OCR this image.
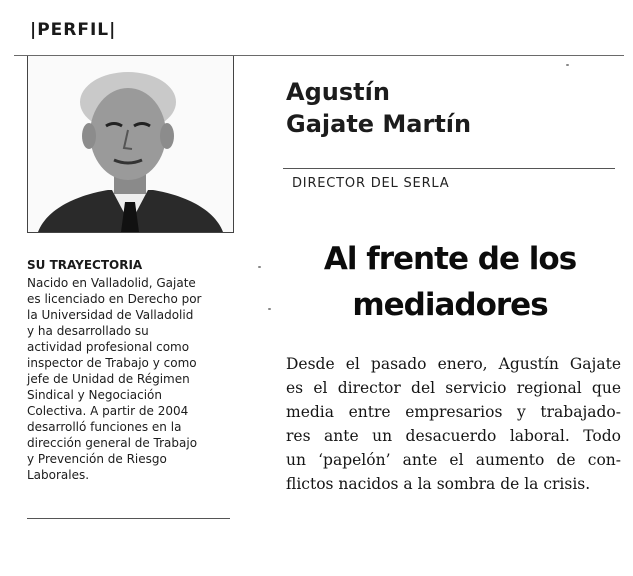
|PERFIL|
Agustín
Gajate Martín
DIRECTOR DEL SERLA
Al frente de los
mediadores
Desde el pasado enero, Agustín Gajate
es el director del servicio regional que
media entre empresarios y trabajado-
res ante un desacuerdo laboral. Todo
un ‘papelón’ ante el aumento de con-
flictos nacidos a la sombra de la crisis.
SU TRAYECTORIA
Nacido en Valladolid, Gajate
es licenciado en Derecho por
la Universidad de Valladolid
y ha desarrollado su
actividad profesional como
inspector de Trabajo y como
jefe de Unidad de Régimen
Sindical y Negociación
Colectiva. A partir de 2004
desarrolló funciones en la
dirección general de Trabajo
y Prevención de Riesgo
Laborales.
